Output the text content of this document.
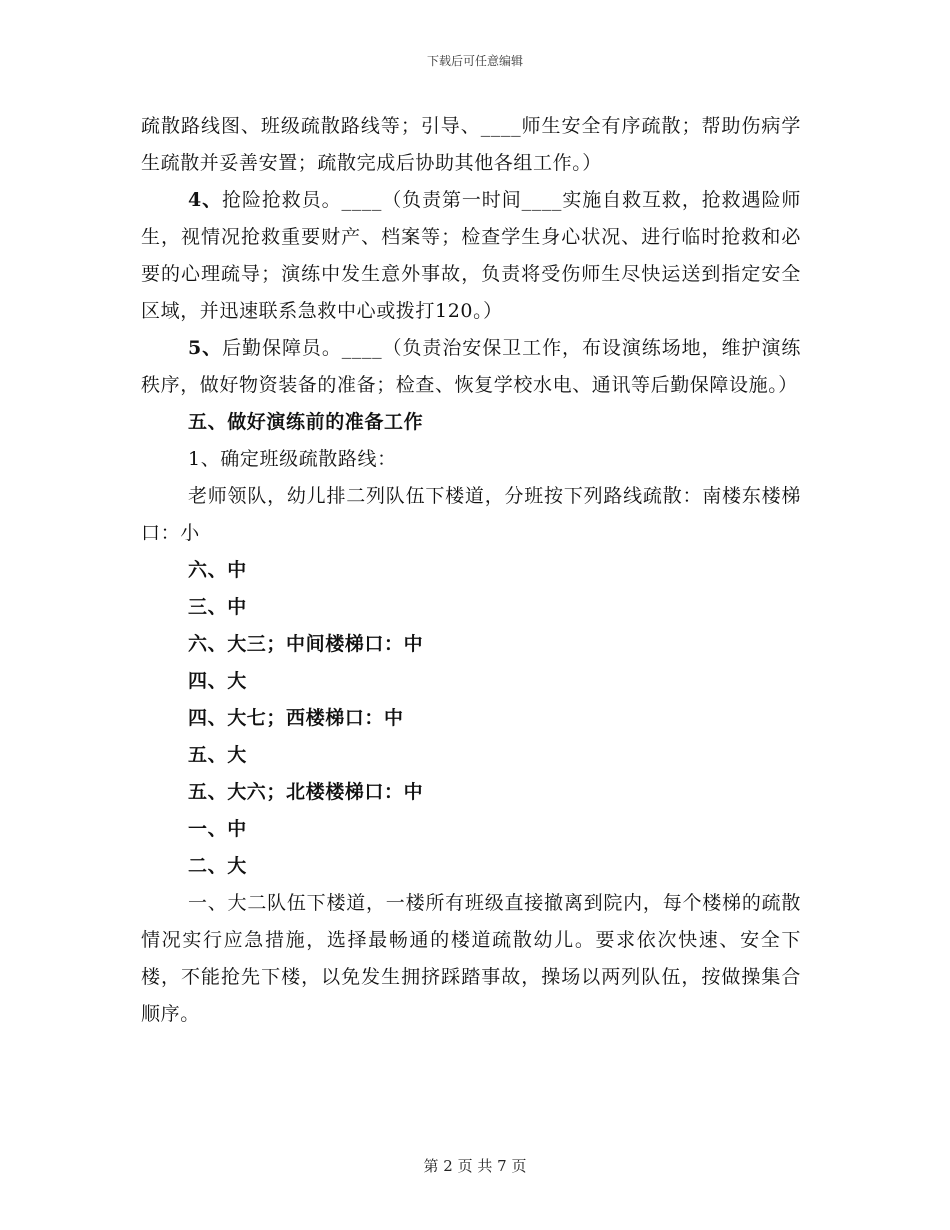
下载后可任意编辑

疏散路线图、班级疏散路线等；引导、____师生安全有序疏散；帮助伤病学生疏散并妥善安置；疏散完成后协助其他各组工作。）

4、抢险抢救员。____（负责第一时间____实施自救互救，抢救遇险师生，视情况抢救重要财产、档案等；检查学生身心状况、进行临时抢救和必要的心理疏导；演练中发生意外事故，负责将受伤师生尽快运送到指定安全区域，并迅速联系急救中心或拨打120。）

5、后勤保障员。____（负责治安保卫工作，布设演练场地，维护演练秩序，做好物资装备的准备；检查、恢复学校水电、通讯等后勤保障设施。）

五、做好演练前的准备工作

1、确定班级疏散路线：

老师领队，幼儿排二列队伍下楼道，分班按下列路线疏散：南楼东楼梯口：小

六、中

三、中

六、大三；中间楼梯口：中

四、大

四、大七；西楼梯口：中

五、大

五、大六；北楼楼梯口：中

一、中

二、大

一、大二队伍下楼道，一楼所有班级直接撤离到院内，每个楼梯的疏散情况实行应急措施，选择最畅通的楼道疏散幼儿。要求依次快速、安全下楼，不能抢先下楼，以免发生拥挤踩踏事故，操场以两列队伍，按做操集合顺序。

第 2 页 共 7 页
